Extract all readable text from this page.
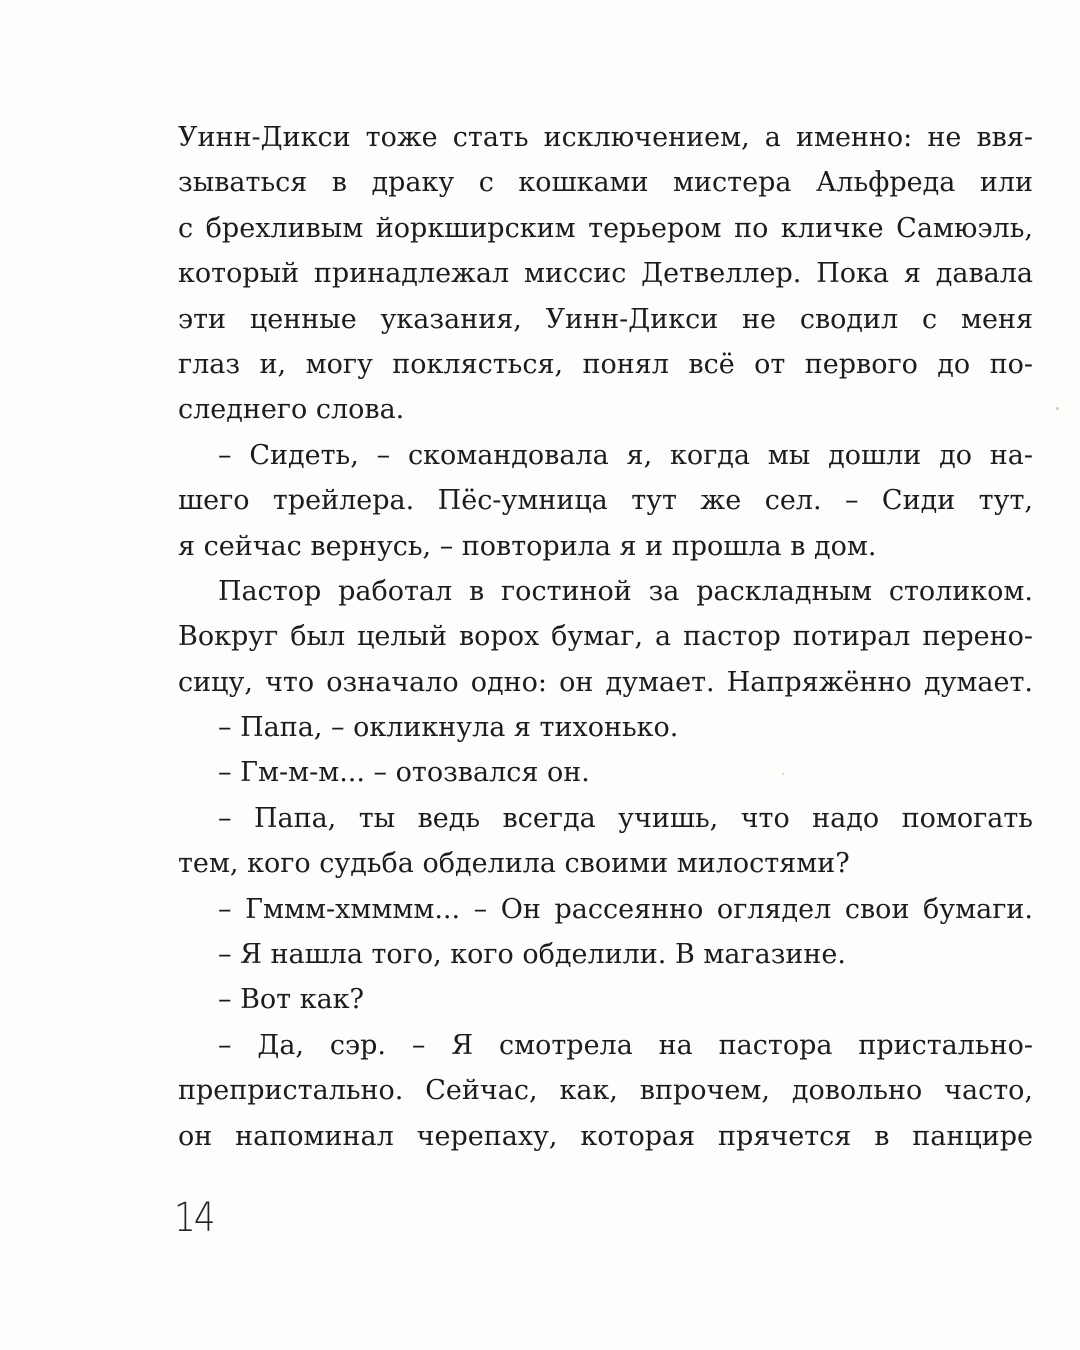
Уинн-Дикси тоже стать исключением, а именно: не ввя-
зываться в драку с кошками мистера Альфреда или
с брехливым йоркширским терьером по кличке Самюэль,
который принадлежал миссис Детвеллер. Пока я давала
эти ценные указания, Уинн-Дикси не сводил с меня
глаз и, могу поклясться, понял всё от первого до по-
следнего слова.
– Сидеть, – скомандовала я, когда мы дошли до на-
шего трейлера. Пёс-умница тут же сел. – Сиди тут,
я сейчас вернусь, – повторила я и прошла в дом.
Пастор работал в гостиной за раскладным столиком.
Вокруг был целый ворох бумаг, а пастор потирал перено-
сицу, что означало одно: он думает. Напряжённо думает.
– Папа, – окликнула я тихонько.
– Гм-м-м... – отозвался он.
– Папа, ты ведь всегда учишь, что надо помогать
тем, кого судьба обделила своими милостями?
– Гммм-хмммм... – Он рассеянно оглядел свои бумаги.
– Я нашла того, кого обделили. В магазине.
– Вот как?
– Да, сэр. – Я смотрела на пастора пристально-
препристально. Сейчас, как, впрочем, довольно часто,
он напоминал черепаху, которая прячется в панцире
14
